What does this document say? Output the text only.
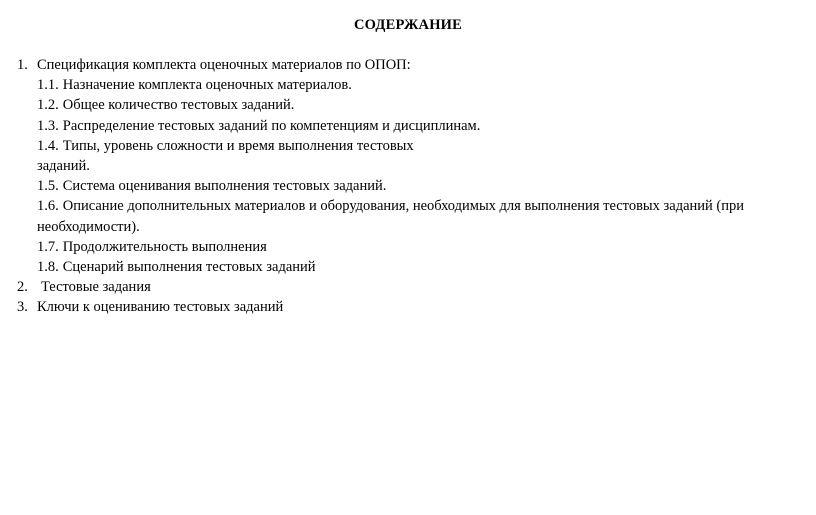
СОДЕРЖАНИЕ
1. Спецификация комплекта оценочных материалов по ОПОП:
1.1. Назначение комплекта оценочных материалов.
1.2. Общее количество тестовых заданий.
1.3. Распределение тестовых заданий по компетенциям и дисциплинам.
1.4. Типы, уровень сложности и время выполнения тестовых
заданий.
1.5. Система оценивания выполнения тестовых заданий.
1.6. Описание дополнительных материалов и оборудования, необходимых для выполнения тестовых заданий (при
необходимости).
1.7. Продолжительность выполнения
1.8. Сценарий выполнения тестовых заданий
2. Тестовые задания
3. Ключи к оцениванию тестовых заданий
